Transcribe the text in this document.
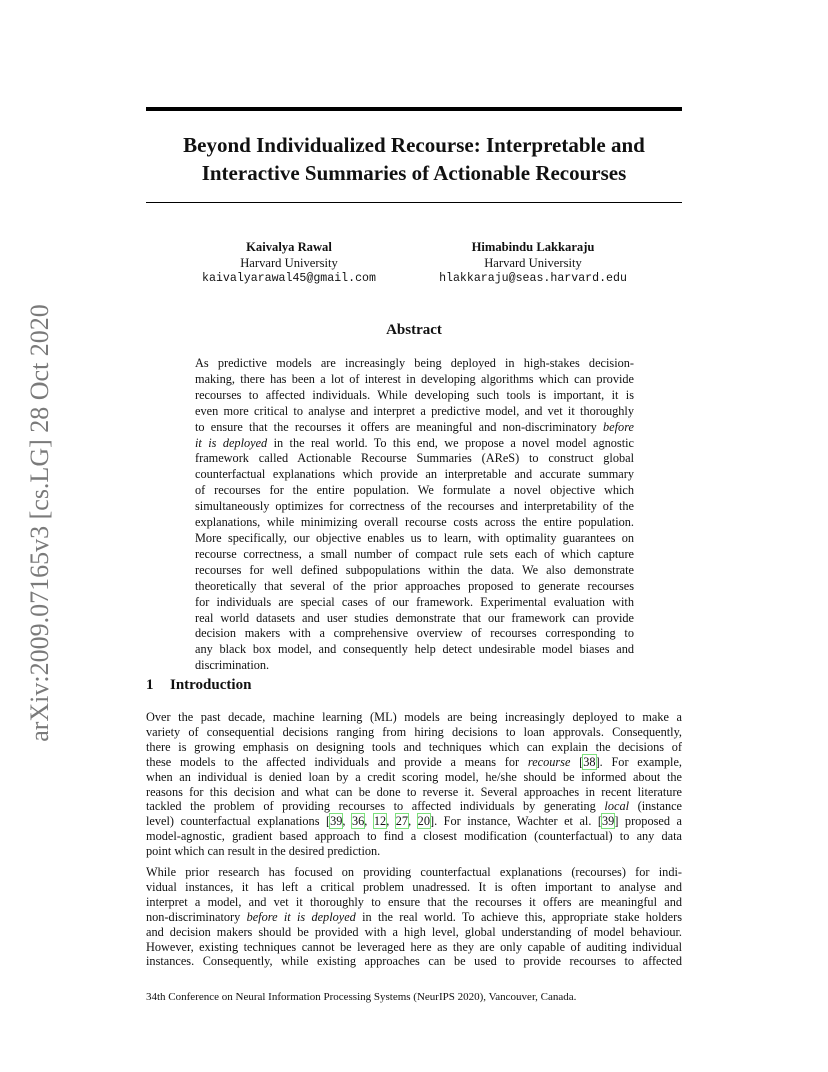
arXiv:2009.07165v3 [cs.LG] 28 Oct 2020
Beyond Individualized Recourse: Interpretable and
Interactive Summaries of Actionable Recourses
Kaivalya Rawal
Harvard University
kaivalyarawal45@gmail.com
Himabindu Lakkaraju
Harvard University
hlakkaraju@seas.harvard.edu
Abstract
As predictive models are increasingly being deployed in high-stakes decision-
making, there has been a lot of interest in developing algorithms which can provide
recourses to affected individuals. While developing such tools is important, it is
even more critical to analyse and interpret a predictive model, and vet it thoroughly
to ensure that the recourses it offers are meaningful and non-discriminatory before
it is deployed in the real world. To this end, we propose a novel model agnostic
framework called Actionable Recourse Summaries (AReS) to construct global
counterfactual explanations which provide an interpretable and accurate summary
of recourses for the entire population. We formulate a novel objective which
simultaneously optimizes for correctness of the recourses and interpretability of the
explanations, while minimizing overall recourse costs across the entire population.
More specifically, our objective enables us to learn, with optimality guarantees on
recourse correctness, a small number of compact rule sets each of which capture
recourses for well defined subpopulations within the data. We also demonstrate
theoretically that several of the prior approaches proposed to generate recourses
for individuals are special cases of our framework. Experimental evaluation with
real world datasets and user studies demonstrate that our framework can provide
decision makers with a comprehensive overview of recourses corresponding to
any black box model, and consequently help detect undesirable model biases and
discrimination.
1 Introduction
Over the past decade, machine learning (ML) models are being increasingly deployed to make a
variety of consequential decisions ranging from hiring decisions to loan approvals. Consequently,
there is growing emphasis on designing tools and techniques which can explain the decisions of
these models to the affected individuals and provide a means for recourse [38]. For example,
when an individual is denied loan by a credit scoring model, he/she should be informed about the
reasons for this decision and what can be done to reverse it. Several approaches in recent literature
tackled the problem of providing recourses to affected individuals by generating local (instance
level) counterfactual explanations [39, 36, 12, 27, 20]. For instance, Wachter et al. [39] proposed a
model-agnostic, gradient based approach to find a closest modification (counterfactual) to any data
point which can result in the desired prediction.
While prior research has focused on providing counterfactual explanations (recourses) for indi-
vidual instances, it has left a critical problem unadressed. It is often important to analyse and
interpret a model, and vet it thoroughly to ensure that the recourses it offers are meaningful and
non-discriminatory before it is deployed in the real world. To achieve this, appropriate stake holders
and decision makers should be provided with a high level, global understanding of model behaviour.
However, existing techniques cannot be leveraged here as they are only capable of auditing individual
instances. Consequently, while existing approaches can be used to provide recourses to affected
34th Conference on Neural Information Processing Systems (NeurIPS 2020), Vancouver, Canada.
